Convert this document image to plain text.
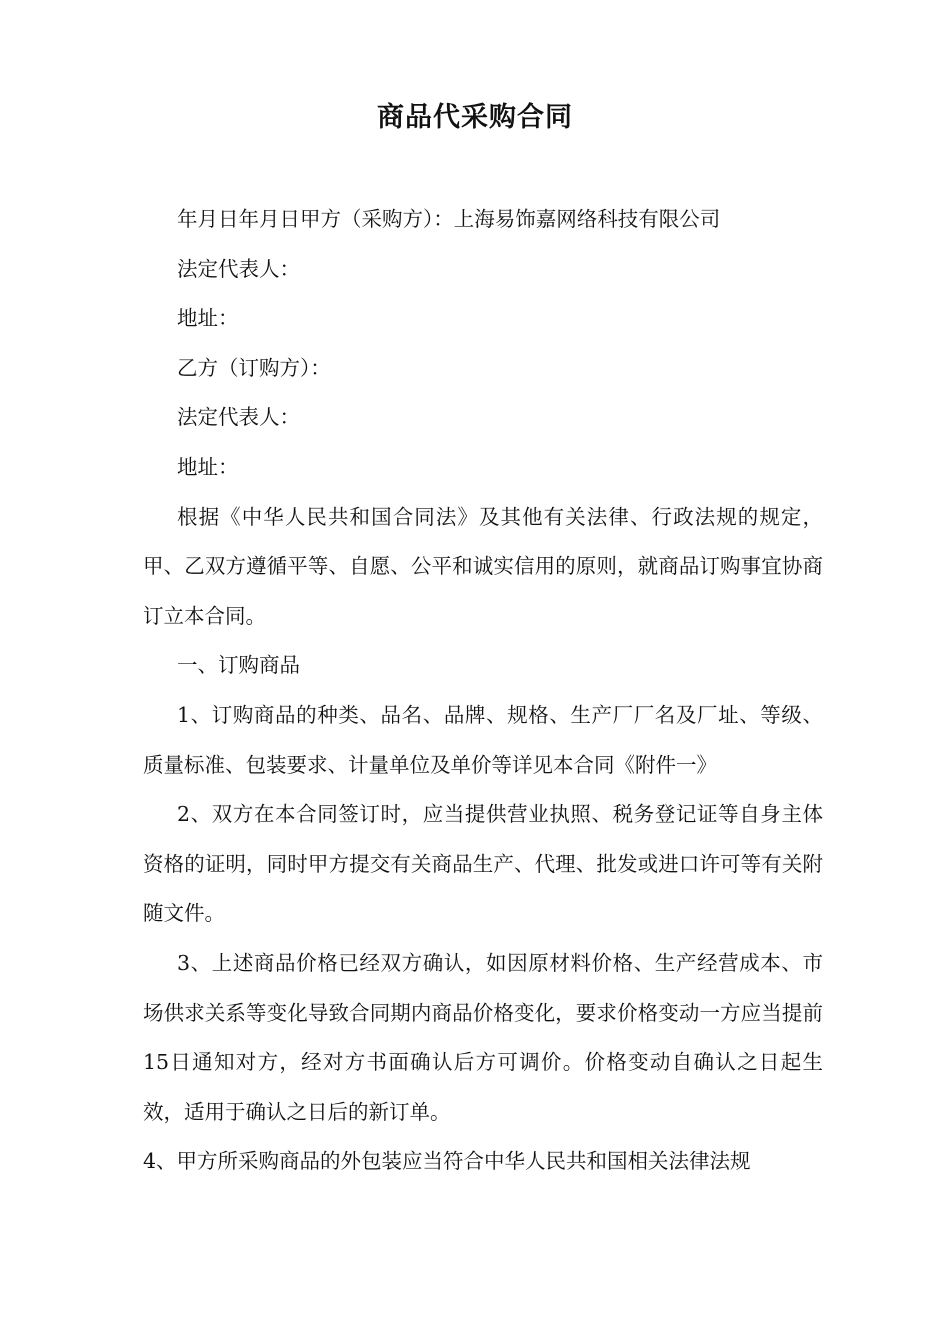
商品代采购合同

年月日年月日甲方（采购方）：上海易饰嘉网络科技有限公司

法定代表人：

地址：

乙方（订购方）：

法定代表人：

地址：

根据《中华人民共和国合同法》及其他有关法律、行政法规的规定，甲、乙双方遵循平等、自愿、公平和诚实信用的原则，就商品订购事宜协商订立本合同。

一、订购商品

1、订购商品的种类、品名、品牌、规格、生产厂厂名及厂址、等级、质量标准、包装要求、计量单位及单价等详见本合同《附件一》

2、双方在本合同签订时，应当提供营业执照、税务登记证等自身主体资格的证明，同时甲方提交有关商品生产、代理、批发或进口许可等有关附随文件。

3、上述商品价格已经双方确认，如因原材料价格、生产经营成本、市场供求关系等变化导致合同期内商品价格变化，要求价格变动一方应当提前15日通知对方，经对方书面确认后方可调价。价格变动自确认之日起生效，适用于确认之日后的新订单。

4、甲方所采购商品的外包装应当符合中华人民共和国相关法律法规
